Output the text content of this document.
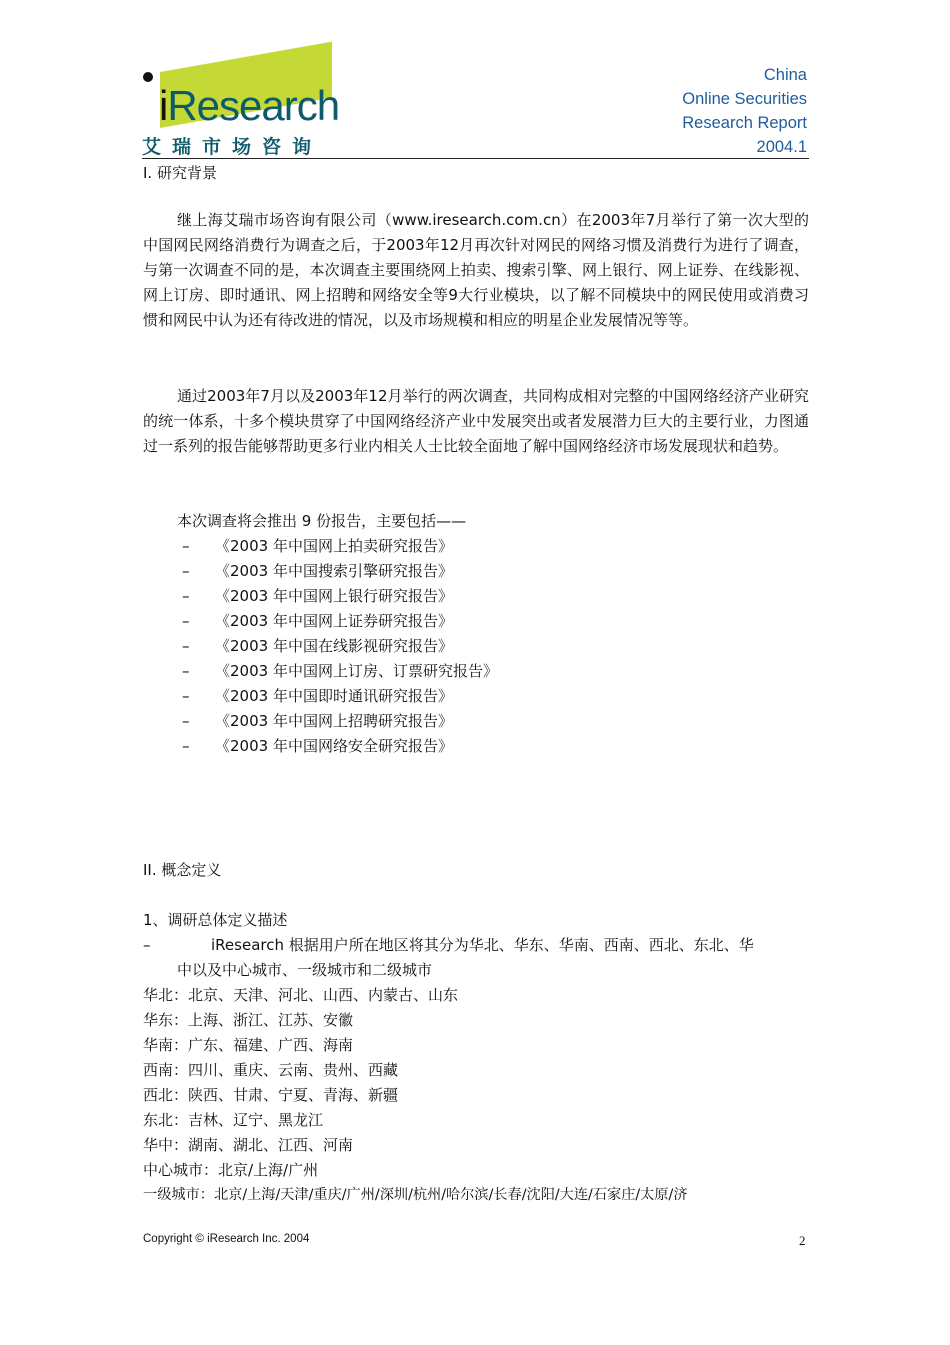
iResearch
艾瑞市场咨询
China
Online Securities
Research Report
2004.1
I. 研究背景
继上海艾瑞市场咨询有限公司（www.iresearch.com.cn）在2003年7月举行了第一次大型的中国网民网络消费行为调查之后，于2003年12月再次针对网民的网络习惯及消费行为进行了调查，与第一次调查不同的是，本次调查主要围绕网上拍卖、搜索引擎、网上银行、网上证券、在线影视、网上订房、即时通讯、网上招聘和网络安全等9大行业模块，以了解不同模块中的网民使用或消费习惯和网民中认为还有待改进的情况，以及市场规模和相应的明星企业发展情况等等。
通过2003年7月以及2003年12月举行的两次调查，共同构成相对完整的中国网络经济产业研究的统一体系，十多个模块贯穿了中国网络经济产业中发展突出或者发展潜力巨大的主要行业，力图通过一系列的报告能够帮助更多行业内相关人士比较全面地了解中国网络经济市场发展现状和趋势。
本次调查将会推出 9 份报告，主要包括——
– 《2003 年中国网上拍卖研究报告》
– 《2003 年中国搜索引擎研究报告》
– 《2003 年中国网上银行研究报告》
– 《2003 年中国网上证券研究报告》
– 《2003 年中国在线影视研究报告》
– 《2003 年中国网上订房、订票研究报告》
– 《2003 年中国即时通讯研究报告》
– 《2003 年中国网上招聘研究报告》
– 《2003 年中国网络安全研究报告》
II. 概念定义
1、调研总体定义描述
–	iResearch 根据用户所在地区将其分为华北、华东、华南、西南、西北、东北、华
中以及中心城市、一级城市和二级城市
华北：北京、天津、河北、山西、内蒙古、山东
华东：上海、浙江、江苏、安徽
华南：广东、福建、广西、海南
西南：四川、重庆、云南、贵州、西藏
西北：陕西、甘肃、宁夏、青海、新疆
东北：吉林、辽宁、黑龙江
华中：湖南、湖北、江西、河南
中心城市：北京/上海/广州
一级城市：北京/上海/天津/重庆/广州/深圳/杭州/哈尔滨/长春/沈阳/大连/石家庄/太原/济
Copyright © iResearch Inc. 2004	2
